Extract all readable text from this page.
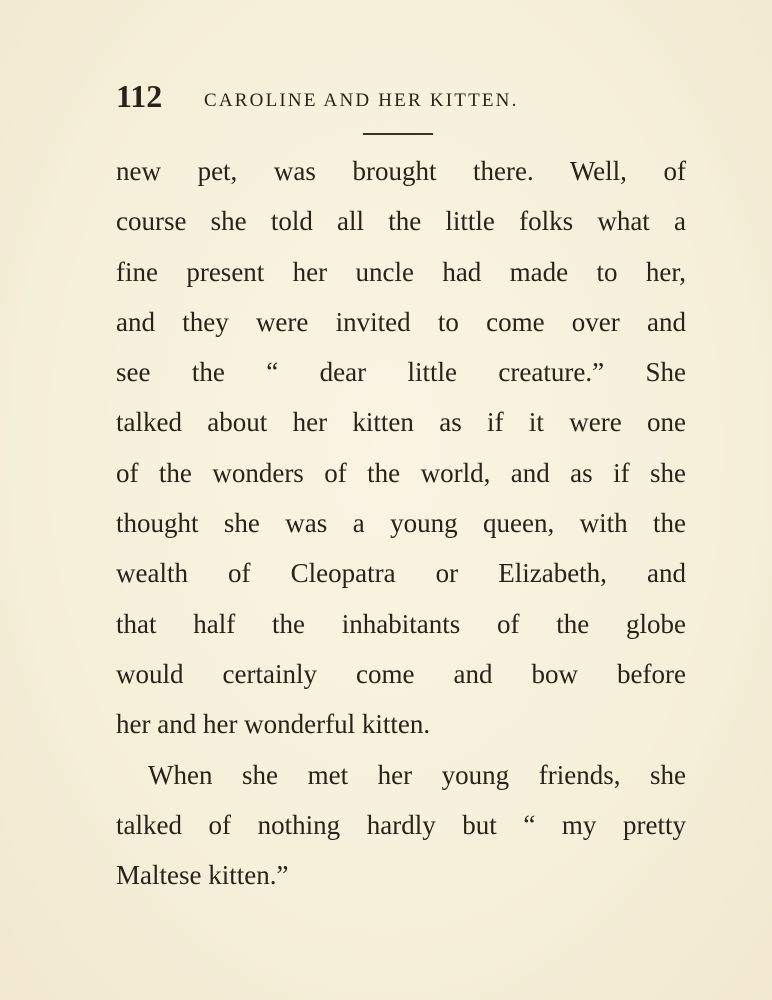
112 CAROLINE AND HER KITTEN.
new pet, was brought there. Well, of
course she told all the little folks what a
fine present her uncle had made to her,
and they were invited to come over and
see the “ dear little creature.” She
talked about her kitten as if it were one
of the wonders of the world, and as if she
thought she was a young queen, with the
wealth of Cleopatra or Elizabeth, and
that half the inhabitants of the globe
would certainly come and bow before
her and her wonderful kitten.
When she met her young friends, she
talked of nothing hardly but “ my pretty
Maltese kitten.”
